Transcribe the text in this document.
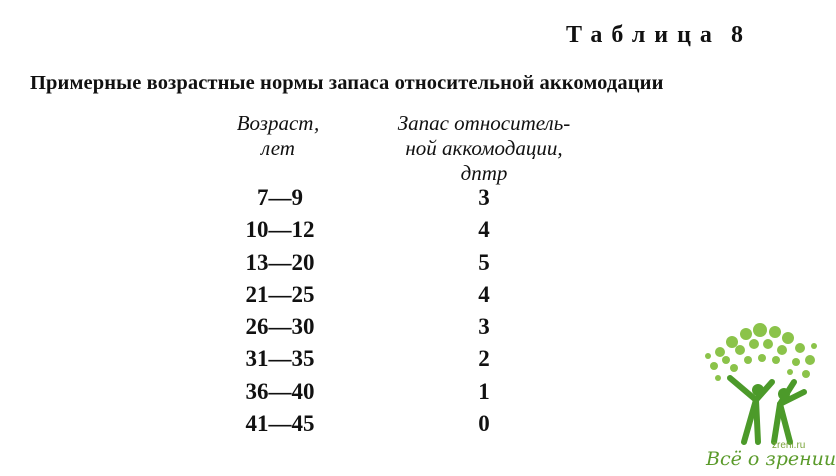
Таблица 8
Примерные возрастные нормы запаса относительной аккомодации
Возраст,
лет
Запас относитель-
ной аккомодации,
дптр
7—9	3
10—12	4
13—20	5
21—25	4
26—30	3
31—35	2
36—40	1
41—45	0
zreni.ru
Всё о зрении
